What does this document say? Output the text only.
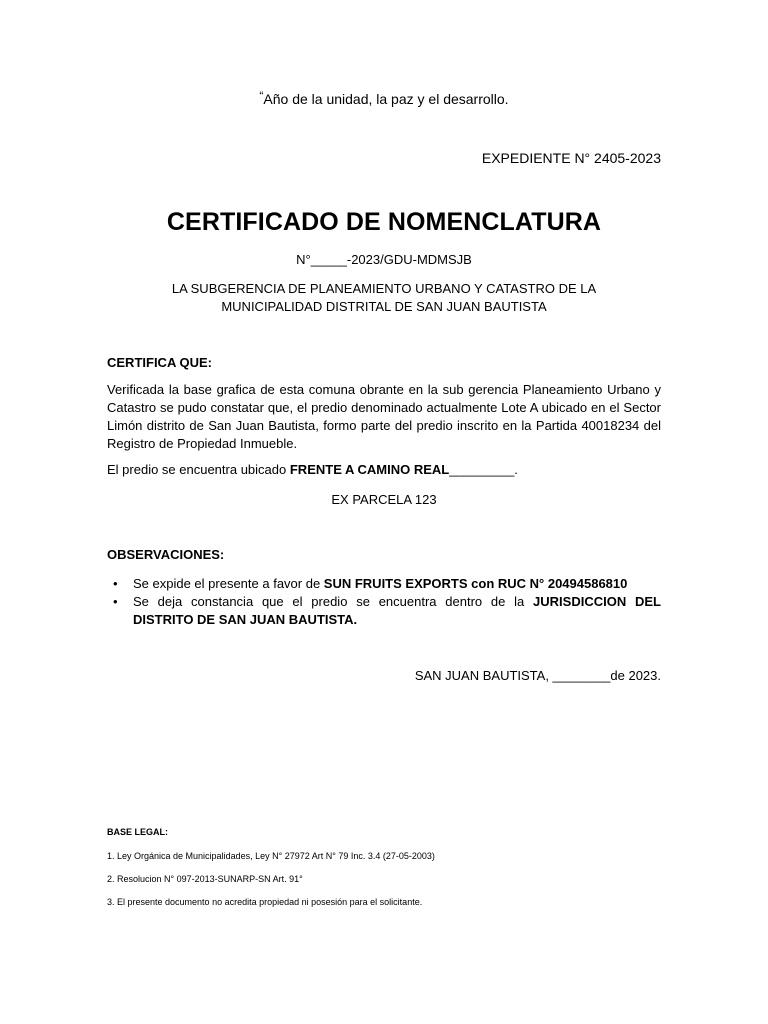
“Año de la unidad, la paz y el desarrollo.
EXPEDIENTE N° 2405-2023
CERTIFICADO DE NOMENCLATURA
N°_____-2023/GDU-MDMSJB
LA SUBGERENCIA DE PLANEAMIENTO URBANO Y CATASTRO DE LA
MUNICIPALIDAD DISTRITAL DE SAN JUAN BAUTISTA
CERTIFICA QUE:
Verificada la base grafica de esta comuna obrante en la sub gerencia Planeamiento Urbano y Catastro se pudo constatar que, el predio denominado actualmente Lote A ubicado en el Sector Limón distrito de San Juan Bautista, formo parte del predio inscrito en la Partida 40018234 del Registro de Propiedad Inmueble.
El predio se encuentra ubicado FRENTE A CAMINO REAL_________.
EX PARCELA 123
OBSERVACIONES:
• Se expide el presente a favor de SUN FRUITS EXPORTS con RUC N° 20494586810
• Se deja constancia que el predio se encuentra dentro de la JURISDICCION DEL DISTRITO DE SAN JUAN BAUTISTA.
SAN JUAN BAUTISTA, ________de 2023.
BASE LEGAL:
1. Ley Orgánica de Municipalidades, Ley N° 27972 Art N° 79 Inc. 3.4 (27-05-2003)
2. Resolucion N° 097-2013-SUNARP-SN Art. 91°
3. El presente documento no acredita propiedad ni posesión para el solicitante.
